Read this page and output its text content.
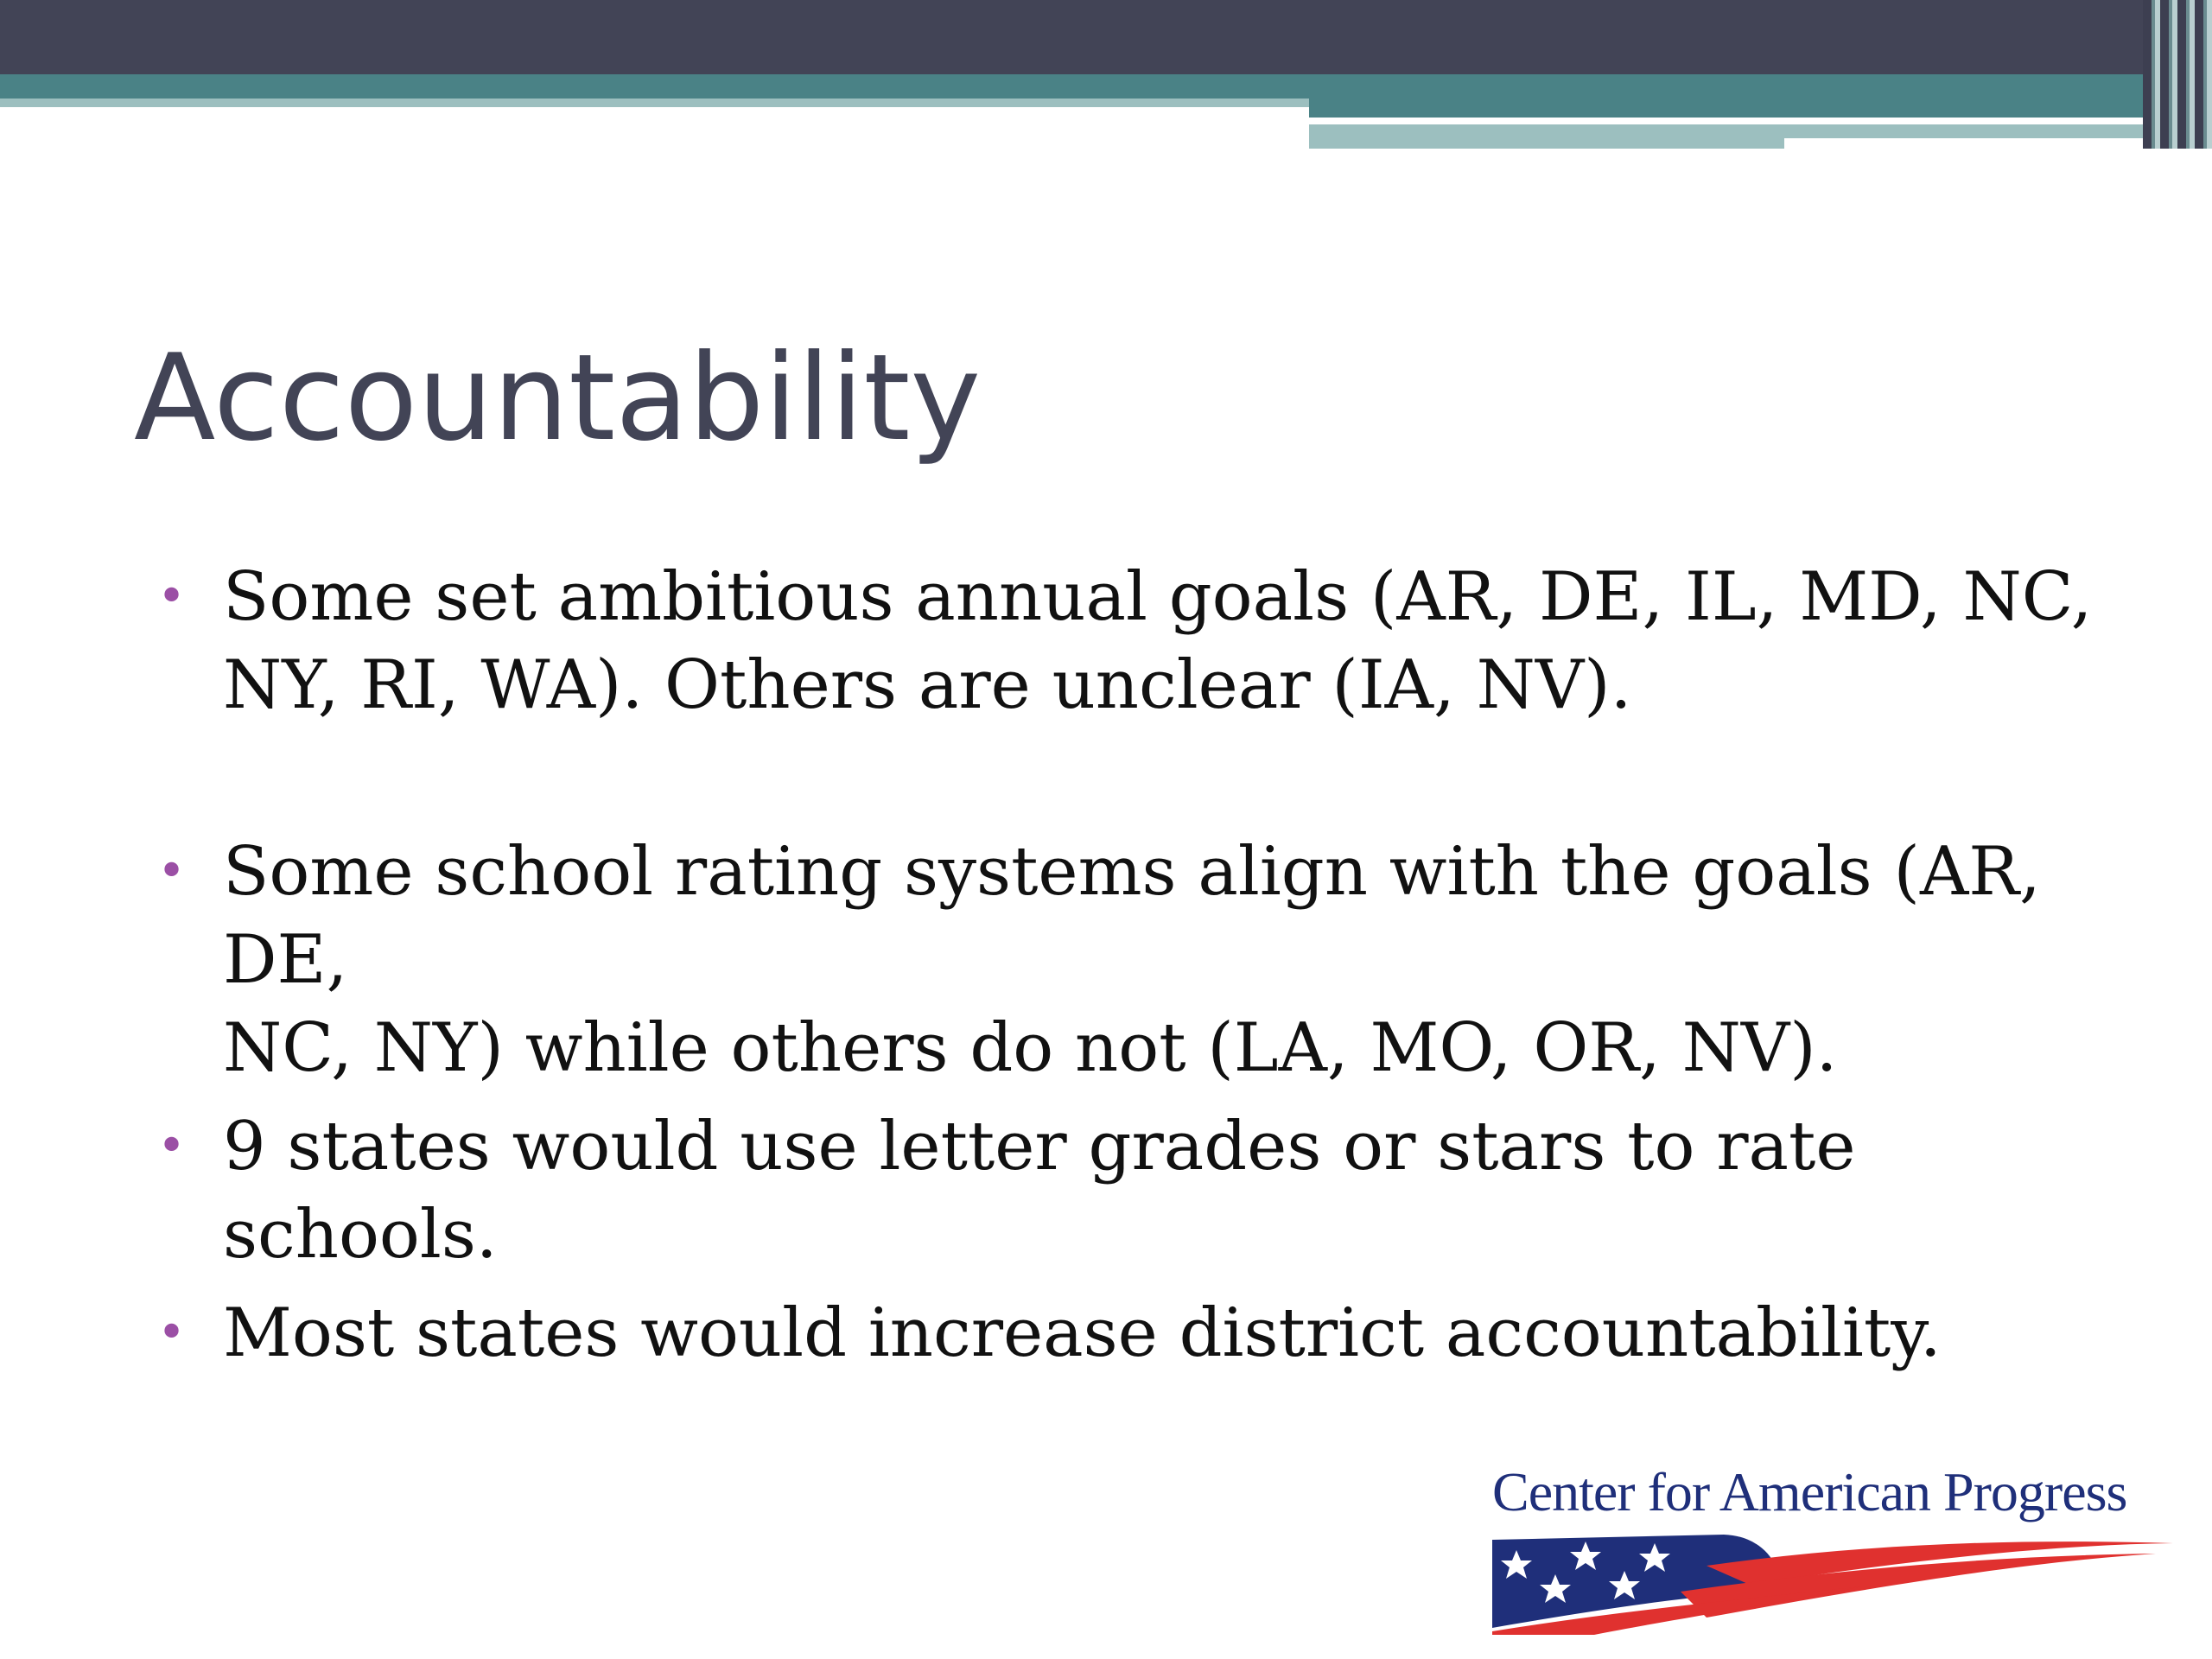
Accountability
• Some set ambitious annual goals (AR, DE, IL, MD, NC,
NY, RI, WA). Others are unclear (IA, NV).
• Some school rating systems align with the goals (AR, DE,
NC, NY) while others do not (LA, MO, OR, NV).
• 9 states would use letter grades or stars to rate schools.
• Most states would increase district accountability.

Center for American Progress
